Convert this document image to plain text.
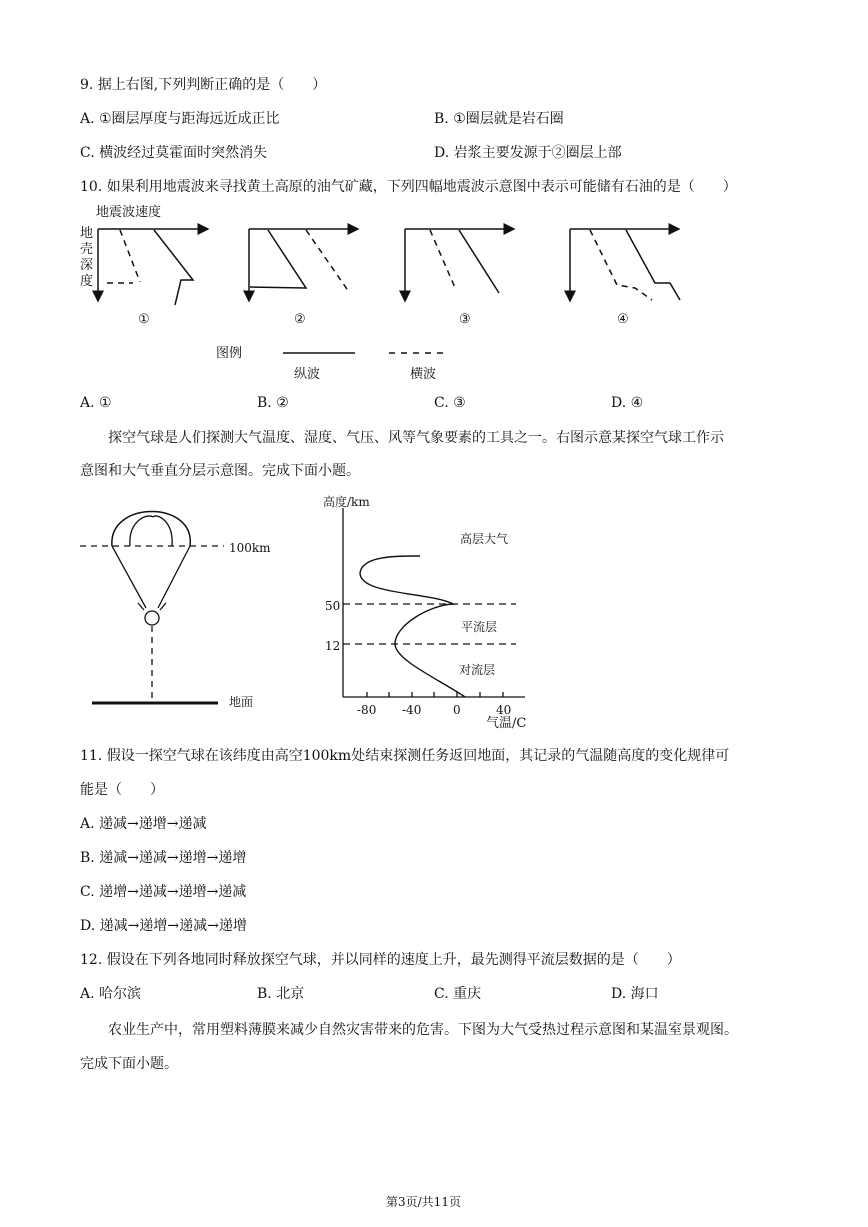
9. 据上右图,下列判断正确的是（　　）
A. ①圈层厚度与距海远近成正比	B. ①圈层就是岩石圈
C. 横波经过莫霍面时突然消失	D. 岩浆主要发源于②圈层上部
10. 如果利用地震波来寻找黄土高原的油气矿藏，下列四幅地震波示意图中表示可能储有石油的是（　　）
地震波速度
地壳深度
①	②	③	④
图例
纵波	横波
A. ①	B. ②	C. ③	D. ④
探空气球是人们探测大气温度、湿度、气压、风等气象要素的工具之一。右图示意某探空气球工作示
意图和大气垂直分层示意图。完成下面小题。
100km
地面
高度/km
50
12
高层大气
平流层
对流层
-80 -40	0	40
气温/C
11. 假设一探空气球在该纬度由高空100km处结束探测任务返回地面，其记录的气温随高度的变化规律可
能是（　　）
A. 递减→递增→递减
B. 递减→递减→递增→递增
C. 递增→递减→递增→递减
D. 递减→递增→递减→递增
12. 假设在下列各地同时释放探空气球，并以同样的速度上升，最先测得平流层数据的是（　　）
A. 哈尔滨	B. 北京	C. 重庆	D. 海口
农业生产中，常用塑料薄膜来减少自然灾害带来的危害。下图为大气受热过程示意图和某温室景观图。
完成下面小题。
第3页/共11页
